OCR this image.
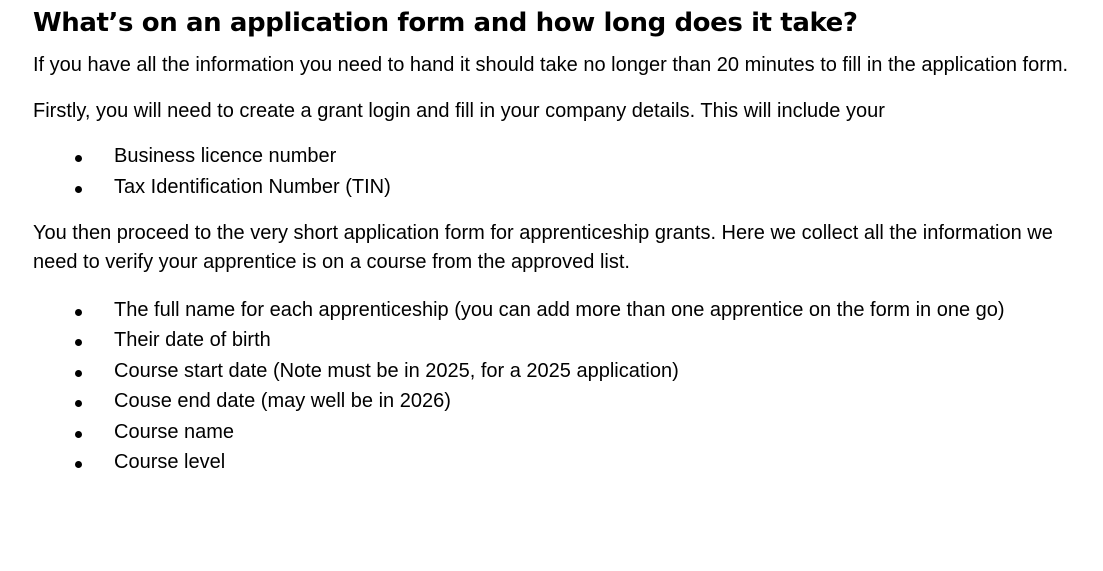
What’s on an application form and how long does it take?

If you have all the information you need to hand it should take no longer than 20 minutes to fill in the application form.

Firstly, you will need to create a grant login and fill in your company details. This will include your

Business licence number
Tax Identification Number (TIN)

You then proceed to the very short application form for apprenticeship grants. Here we collect all the information we need to verify your apprentice is on a course from the approved list.

The full name for each apprenticeship (you can add more than one apprentice on the form in one go)
Their date of birth
Course start date (Note must be in 2025, for a 2025 application)
Couse end date (may well be in 2026)
Course name
Course level
